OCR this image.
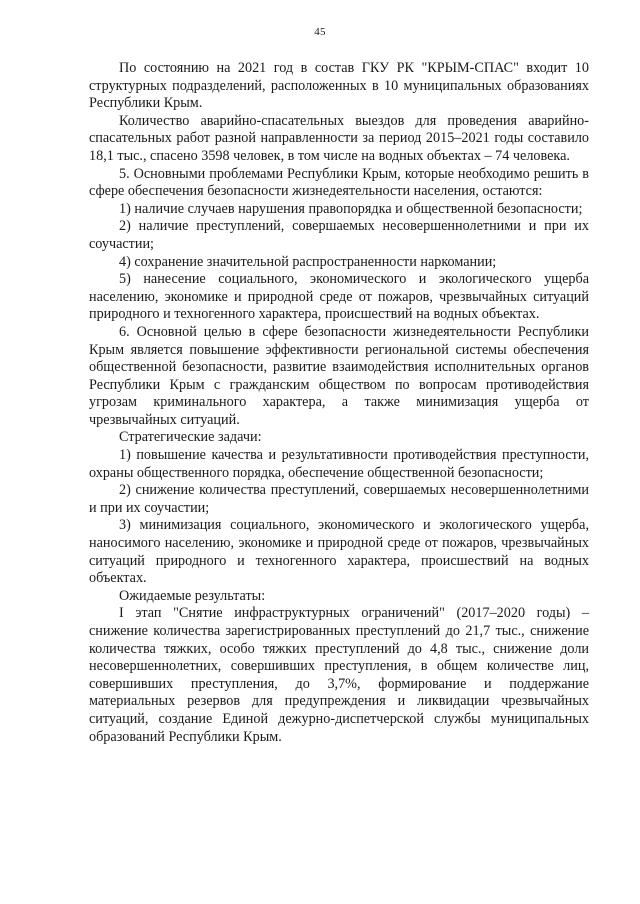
45

По состоянию на 2021 год в состав ГКУ РК "КРЫМ-СПАС" входит 10 структурных подразделений, расположенных в 10 муниципальных образованиях Республики Крым.

Количество аварийно-спасательных выездов для проведения аварийно-спасательных работ разной направленности за период 2015–2021 годы составило 18,1 тыс., спасено 3598 человек, в том числе на водных объектах – 74 человека.

5. Основными проблемами Республики Крым, которые необходимо решить в сфере обеспечения безопасности жизнедеятельности населения, остаются:

1) наличие случаев нарушения правопорядка и общественной безопасности;

2) наличие преступлений, совершаемых несовершеннолетними и при их соучастии;

4) сохранение значительной распространенности наркомании;

5) нанесение социального, экономического и экологического ущерба населению, экономике и природной среде от пожаров, чрезвычайных ситуаций природного и техногенного характера, происшествий на водных объектах.

6. Основной целью в сфере безопасности жизнедеятельности Республики Крым является повышение эффективности региональной системы обеспечения общественной безопасности, развитие взаимодействия исполнительных органов Республики Крым с гражданским обществом по вопросам противодействия угрозам криминального характера, а также минимизация ущерба от чрезвычайных ситуаций.

Стратегические задачи:

1) повышение качества и результативности противодействия преступности, охраны общественного порядка, обеспечение общественной безопасности;

2) снижение количества преступлений, совершаемых несовершеннолетними и при их соучастии;

3) минимизация социального, экономического и экологического ущерба, наносимого населению, экономике и природной среде от пожаров, чрезвычайных ситуаций природного и техногенного характера, происшествий на водных объектах.

Ожидаемые результаты:

I этап "Снятие инфраструктурных ограничений" (2017–2020 годы) – снижение количества зарегистрированных преступлений до 21,7 тыс., снижение количества тяжких, особо тяжких преступлений до 4,8 тыс., снижение доли несовершеннолетних, совершивших преступления, в общем количестве лиц, совершивших преступления, до 3,7%, формирование и поддержание материальных резервов для предупреждения и ликвидации чрезвычайных ситуаций, создание Единой дежурно-диспетчерской службы муниципальных образований Республики Крым.
